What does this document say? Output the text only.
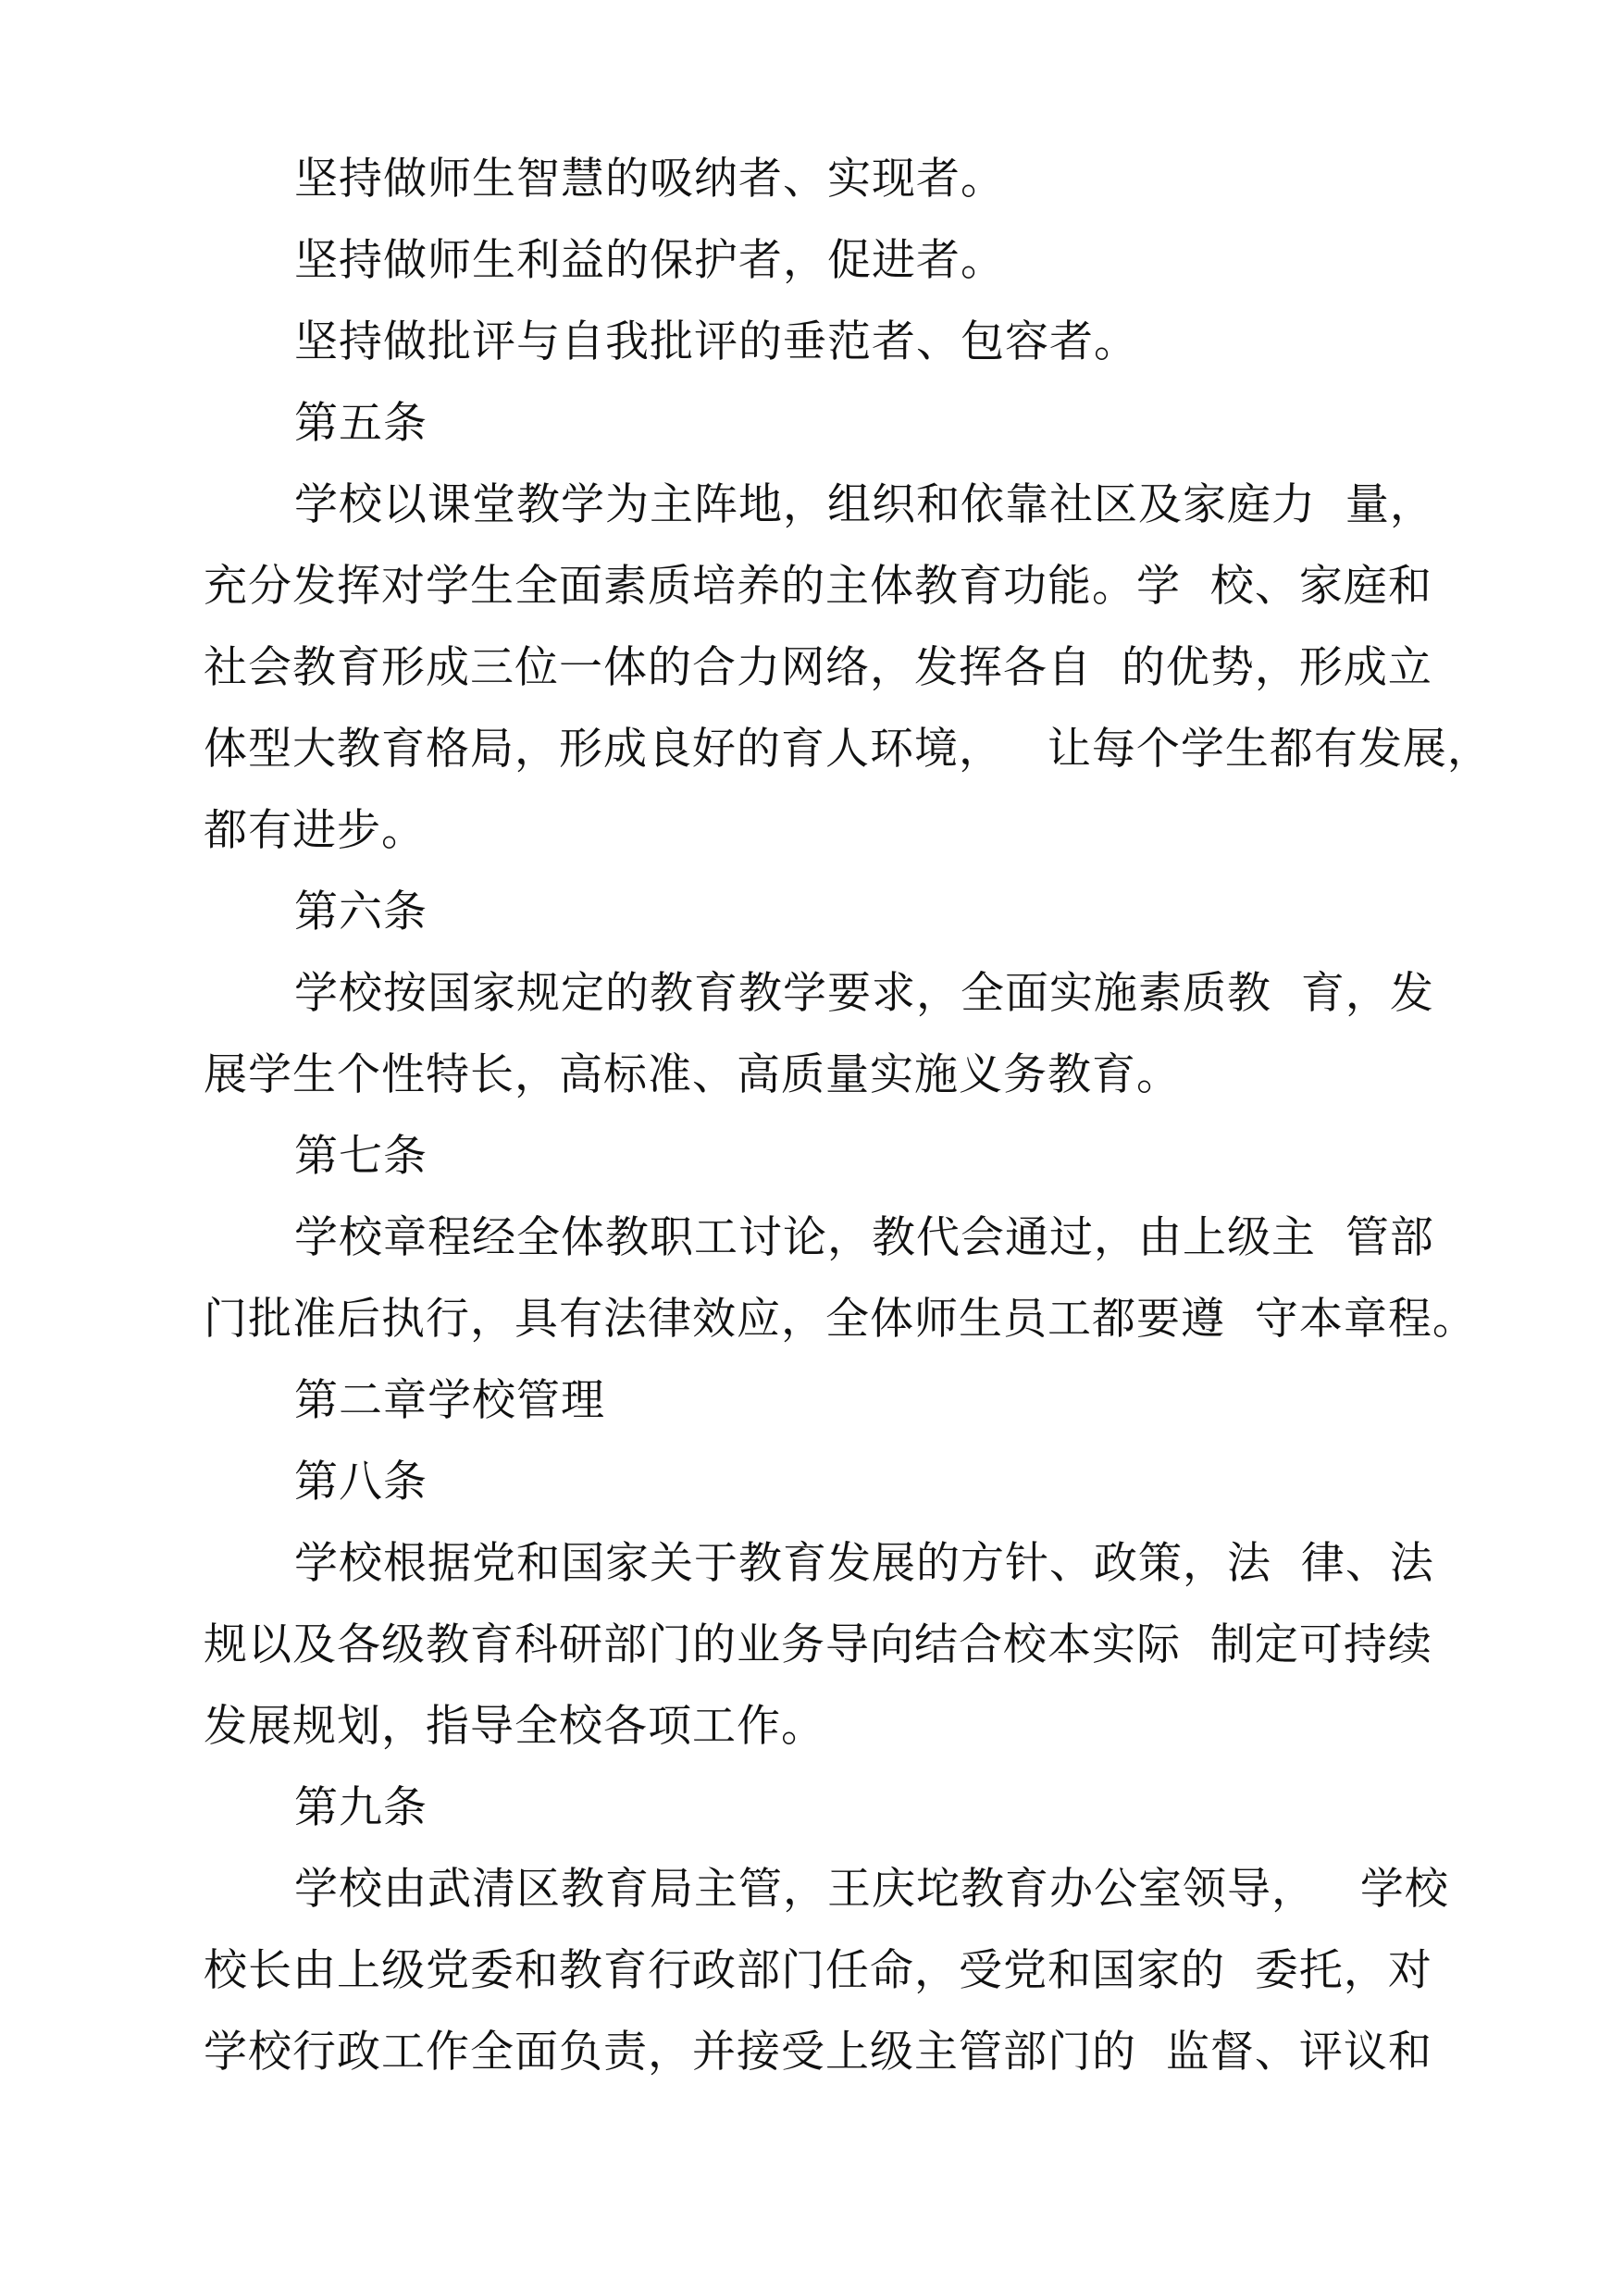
坚持做师生智慧的吸纳者、实现者。
坚持做师生利益的保护者，促进者。
坚持做批评与自我批评的垂范者、包容者。
第五条
学校以课堂教学为主阵地，组织和依靠社区及家庭力  量，
充分发挥对学生全面素质培养的主体教育功能。学  校、家庭和
社会教育形成三位一体的合力网络，发挥各自  的优势，形成立
体型大教育格局，形成良好的育人环境，   让每个学生都有发展，
都有进步。
第六条
学校按国家规定的教育教学要求，全面实施素质教  育，发
展学生个性特长，高标准、高质量实施义务教育。
第七条
学校章程经全体教职工讨论，教代会通过，由上级主  管部
门批准后执行，具有法律效应，全体师生员工都要遵  守本章程。
第二章学校管理
第八条
学校根据党和国家关于教育发展的方针、政策，法  律、法
规以及各级教育科研部门的业务导向结合校本实际  制定可持续
发展规划，指导全校各项工作。
第九条
学校由武清区教育局主管，王庆坨教育办公室领导，   学校
校长由上级党委和教育行政部门任命，受党和国家的  委托，对
学校行政工作全面负责，并接受上级主管部门的  监督、评议和
